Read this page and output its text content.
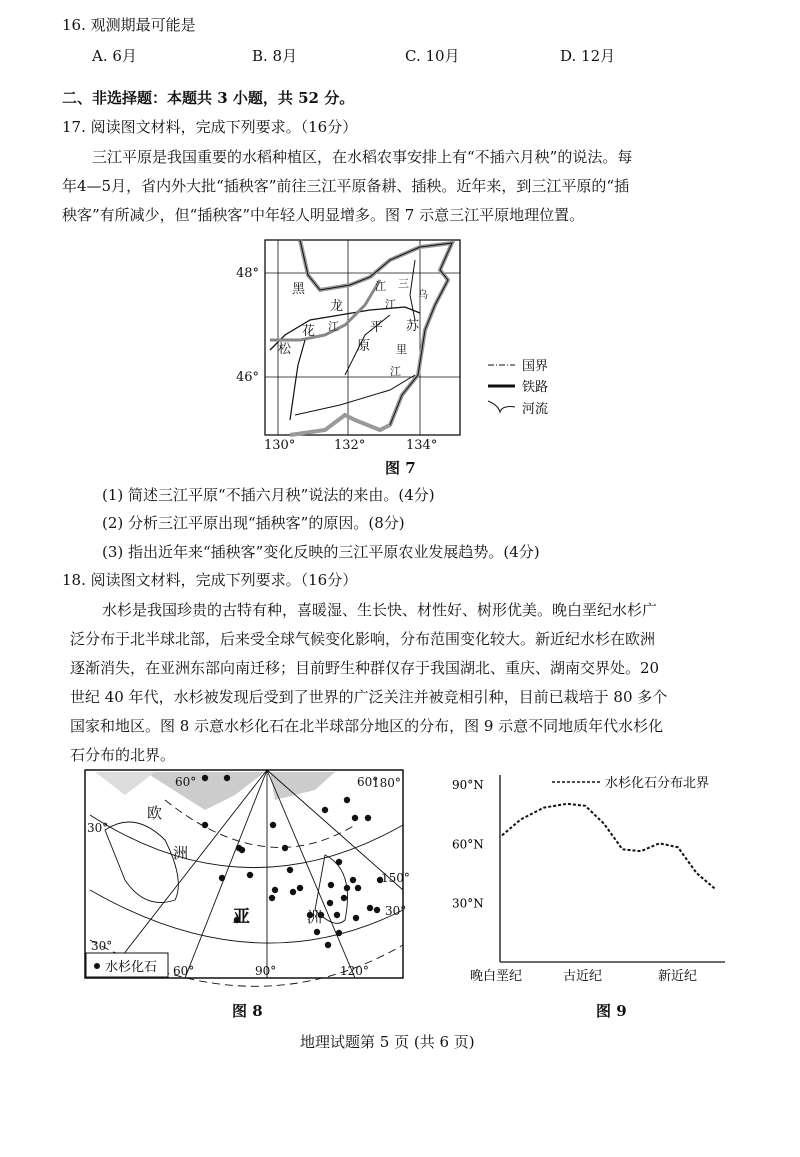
16. 观测期最可能是
A. 6月	B. 8月	C. 10月	D. 12月
二、非选择题：本题共 3 小题，共 52 分。
17. 阅读图文材料，完成下列要求。（16分）
三江平原是我国重要的水稻种植区，在水稻农事安排上有“不插六月秧”的说法。每
年4—5月，省内外大批“插秧客”前往三江平原备耕、插秧。近年来，到三江平原的“插
秧客”有所减少，但“插秧客”中年轻人明显增多。图 7 示意三江平原地理位置。
48°
46°
130°	132°	134°
黑
龙
江 三
乌
江
苏
花 江 平
松	原 里
江	国界
铁路
河流
图 7
(1) 简述三江平原“不插六月秧”说法的来由。(4分)
(2) 分析三江平原出现“插秧客”的原因。(8分)
(3) 指出近年来“插秧客”变化反映的三江平原农业发展趋势。(4分)
18. 阅读图文材料，完成下列要求。（16分）
水杉是我国珍贵的古特有种，喜暖湿、生长快、材性好、树形优美。晚白垩纪水杉广
泛分布于北半球北部，后来受全球气候变化影响，分布范围变化较大。新近纪水杉在欧洲
逐渐消失，在亚洲东部向南迁移；目前野生种群仅存于我国湖北、重庆、湖南交界处。20
世纪 40 年代，水杉被发现后受到了世界的广泛关注并被竞相引种，目前已栽培于 80 多个
国家和地区。图 8 示意水杉化石在北半球部分地区的分布，图 9 示意不同地质年代水杉化
石分布的北界。
60°	180°
60°
150°
30°
30°
60°	90°	120°
30°
欧
洲
亚	洲
水杉化石
图 8
水杉化石分布北界
90°N
60°N
30°N
晚白垩纪	古近纪	新近纪
图 9
地理试题第 5 页 (共 6 页)
